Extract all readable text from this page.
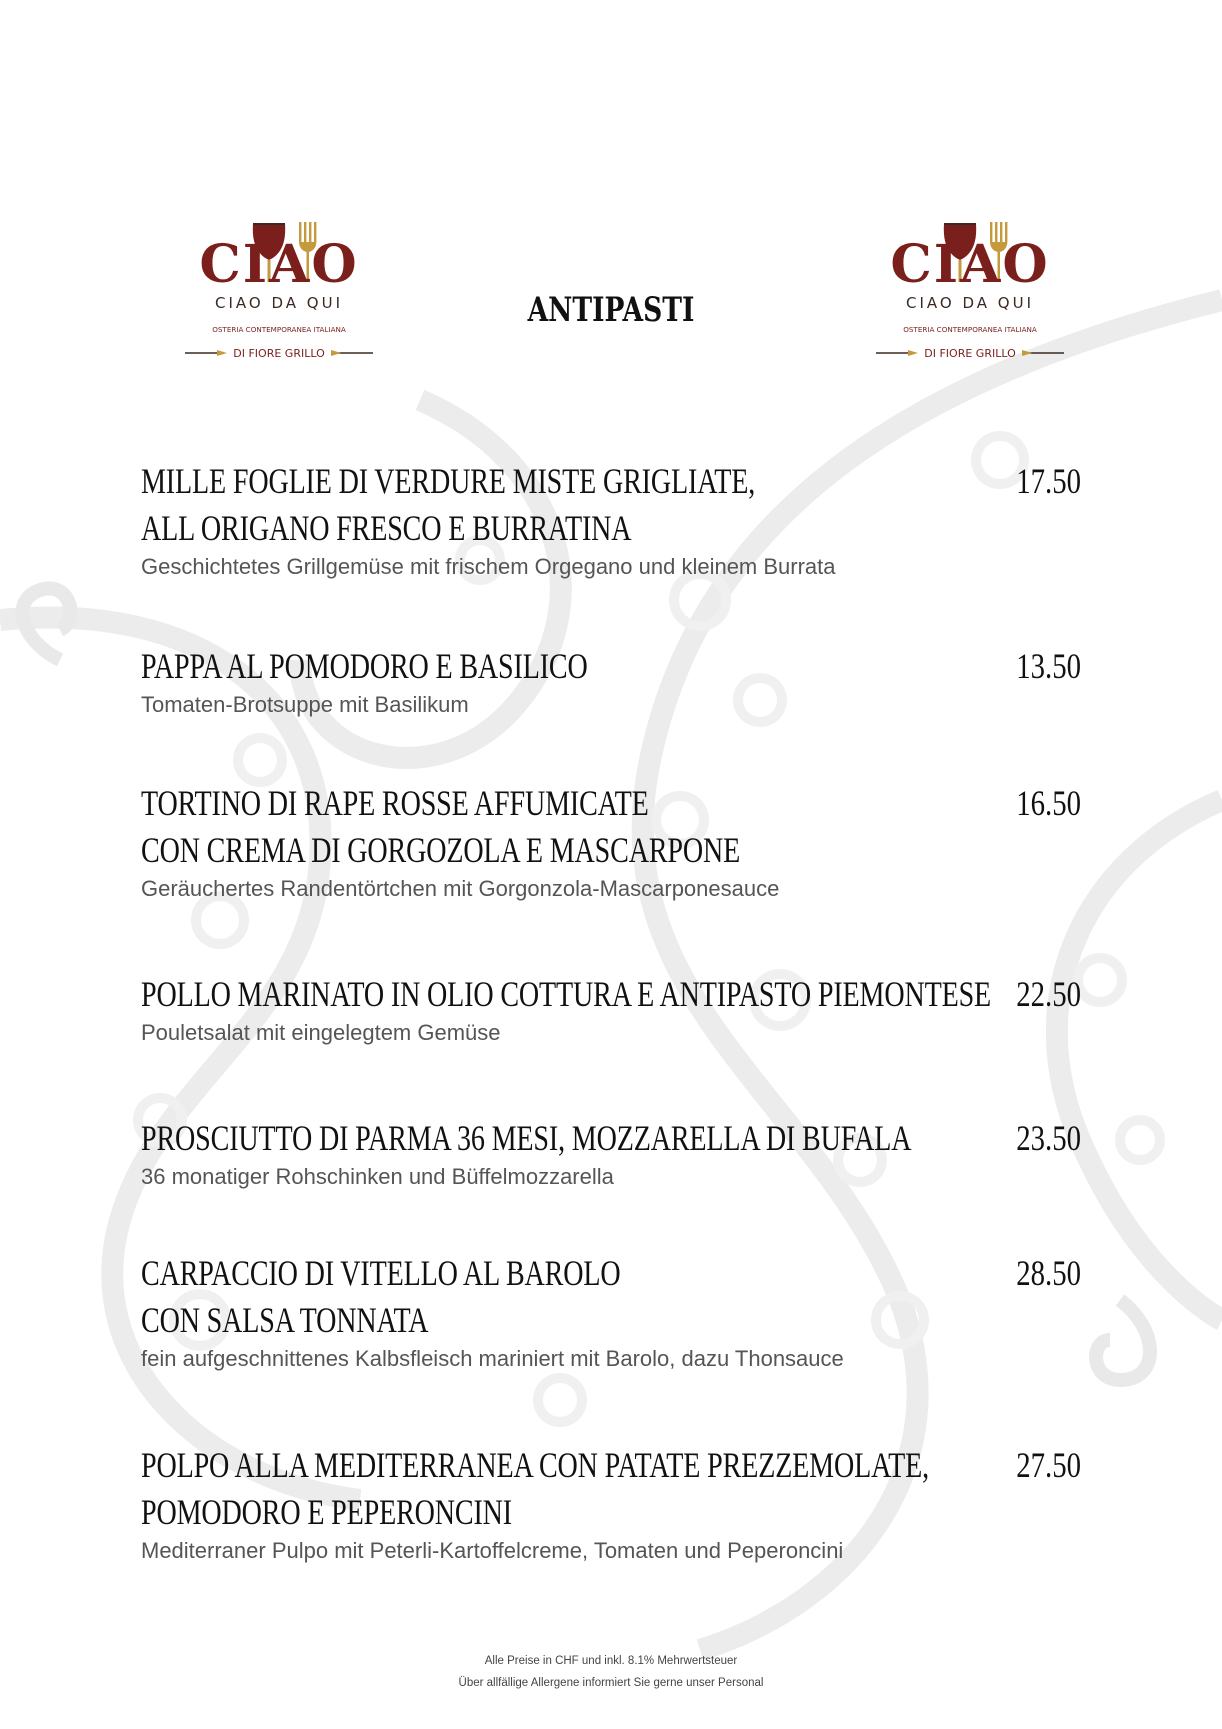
CIAO
CIAO DA QUI
OSTERIA CONTEMPORANEA ITALIANA
DI FIORE GRILLO
ANTIPASTI
CIAO
CIAO DA QUI
OSTERIA CONTEMPORANEA ITALIANA
DI FIORE GRILLO
MILLE FOGLIE DI VERDURE MISTE GRIGLIATE,
ALL ORIGANO FRESCO E BURRATINA
17.50
Geschichtetes Grillgemüse mit frischem Orgegano und kleinem Burrata
PAPPA AL POMODORO E BASILICO	13.50
Tomaten-Brotsuppe mit Basilikum
TORTINO DI RAPE ROSSE AFFUMICATE
CON CREMA DI GORGOZOLA E MASCARPONE
16.50
Geräuchertes Randentörtchen mit Gorgonzola-Mascarponesauce
POLLO MARINATO IN OLIO COTTURA E ANTIPASTO PIEMONTESE 22.50
Pouletsalat mit eingelegtem Gemüse
PROSCIUTTO DI PARMA 36 MESI, MOZZARELLA DI BUFALA	23.50
36 monatiger Rohschinken und Büffelmozzarella
CARPACCIO DI VITELLO AL BAROLO
CON SALSA TONNATA
28.50
fein aufgeschnittenes Kalbsfleisch mariniert mit Barolo, dazu Thonsauce
POLPO ALLA MEDITERRANEA CON PATATE PREZZEMOLATE,
POMODORO E PEPERONCINI
27.50
Mediterraner Pulpo mit Peterli-Kartoffelcreme, Tomaten und Peperoncini
Alle Preise in CHF und inkl. 8.1% Mehrwertsteuer
Über allfällige Allergene informiert Sie gerne unser Personal
